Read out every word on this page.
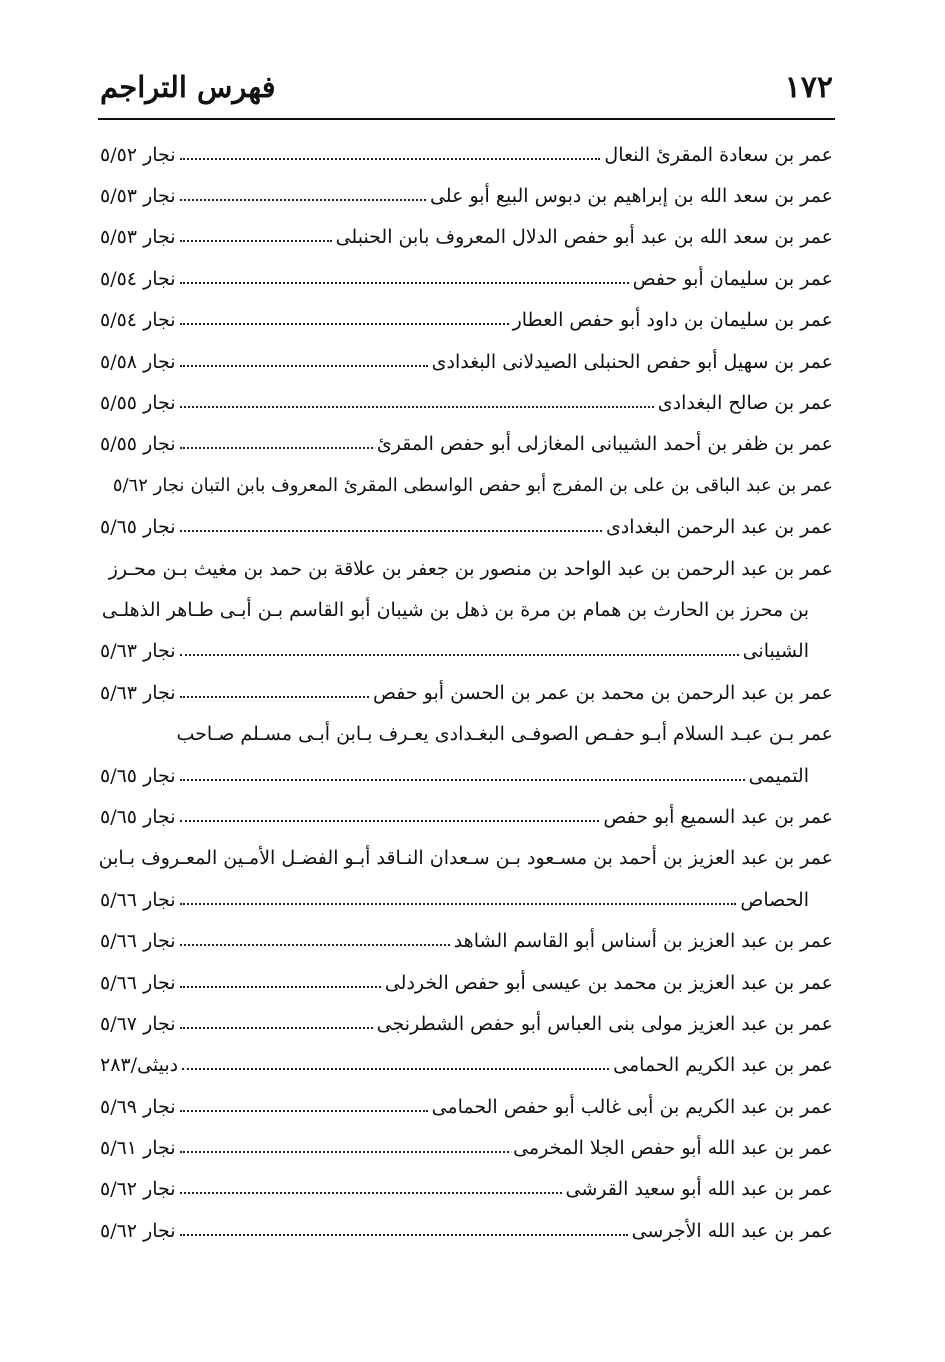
١٧٢
فهرس التراجم
عمر بن سعادة المقرئ النعال
نجار ٥/٥٢
عمر بن سعد الله بن إبراهيم بن دبوس البيع أبو على
نجار ٥/٥٣
عمر بن سعد الله بن عبد أبو حفص الدلال المعروف بابن الحنبلى
نجار ٥/٥٣
عمر بن سليمان أبو حفص
نجار ٥/٥٤
عمر بن سليمان بن داود أبو حفص العطار
نجار ٥/٥٤
عمر بن سهيل أبو حفص الحنبلى الصيدلانى البغدادى
نجار ٥/٥٨
عمر بن صالح البغدادى
نجار ٥/٥٥
عمر بن ظفر بن أحمد الشيبانى المغازلى أبو حفص المقرئ
نجار ٥/٥٥
عمر بن عبد الباقى بن على بن المفرج أبو حفص الواسطى المقرئ المعروف بابن التبان
نجار ٥/٦٢
عمر بن عبد الرحمن البغدادى
نجار ٥/٦٥
عمر بن عبد الرحمن بن عبد الواحد بن منصور بن جعفر بن علاقة بن حمد بن مغيث بـن محـرز
بن محرز بن الحارث بن همام بن مرة بن ذهل بن شيبان أبو القاسم بـن أبـى طـاهر الذهلـى
الشيبانى
نجار ٥/٦٣
عمر بن عبد الرحمن بن محمد بن عمر بن الحسن أبو حفص
نجار ٥/٦٣
عمر بـن عبـد السلام أبـو حفـص الصوفـى البغـدادى يعـرف بـابن أبـى مسـلم صـاحب
التميمى
نجار ٥/٦٥
عمر بن عبد السميع أبو حفص
نجار ٥/٦٥
عمر بن عبد العزيز بن أحمد بن مسـعود بـن سـعدان النـاقد أبـو الفضـل الأمـين المعـروف بـابن
الحصاص
نجار ٥/٦٦
عمر بن عبد العزيز بن أسناس أبو القاسم الشاهد
نجار ٥/٦٦
عمر بن عبد العزيز بن محمد بن عيسى أبو حفص الخردلى
نجار ٥/٦٦
عمر بن عبد العزيز مولى بنى العباس أبو حفص الشطرنجى
نجار ٥/٦٧
عمر بن عبد الكريم الحمامى
دبيثى/٢٨٣
عمر بن عبد الكريم بن أبى غالب أبو حفص الحمامى
نجار ٥/٦٩
عمر بن عبد الله أبو حفص الجلا المخرمى
نجار ٥/٦١
عمر بن عبد الله أبو سعيد القرشى
نجار ٥/٦٢
عمر بن عبد الله الأجرسى
نجار ٥/٦٢
